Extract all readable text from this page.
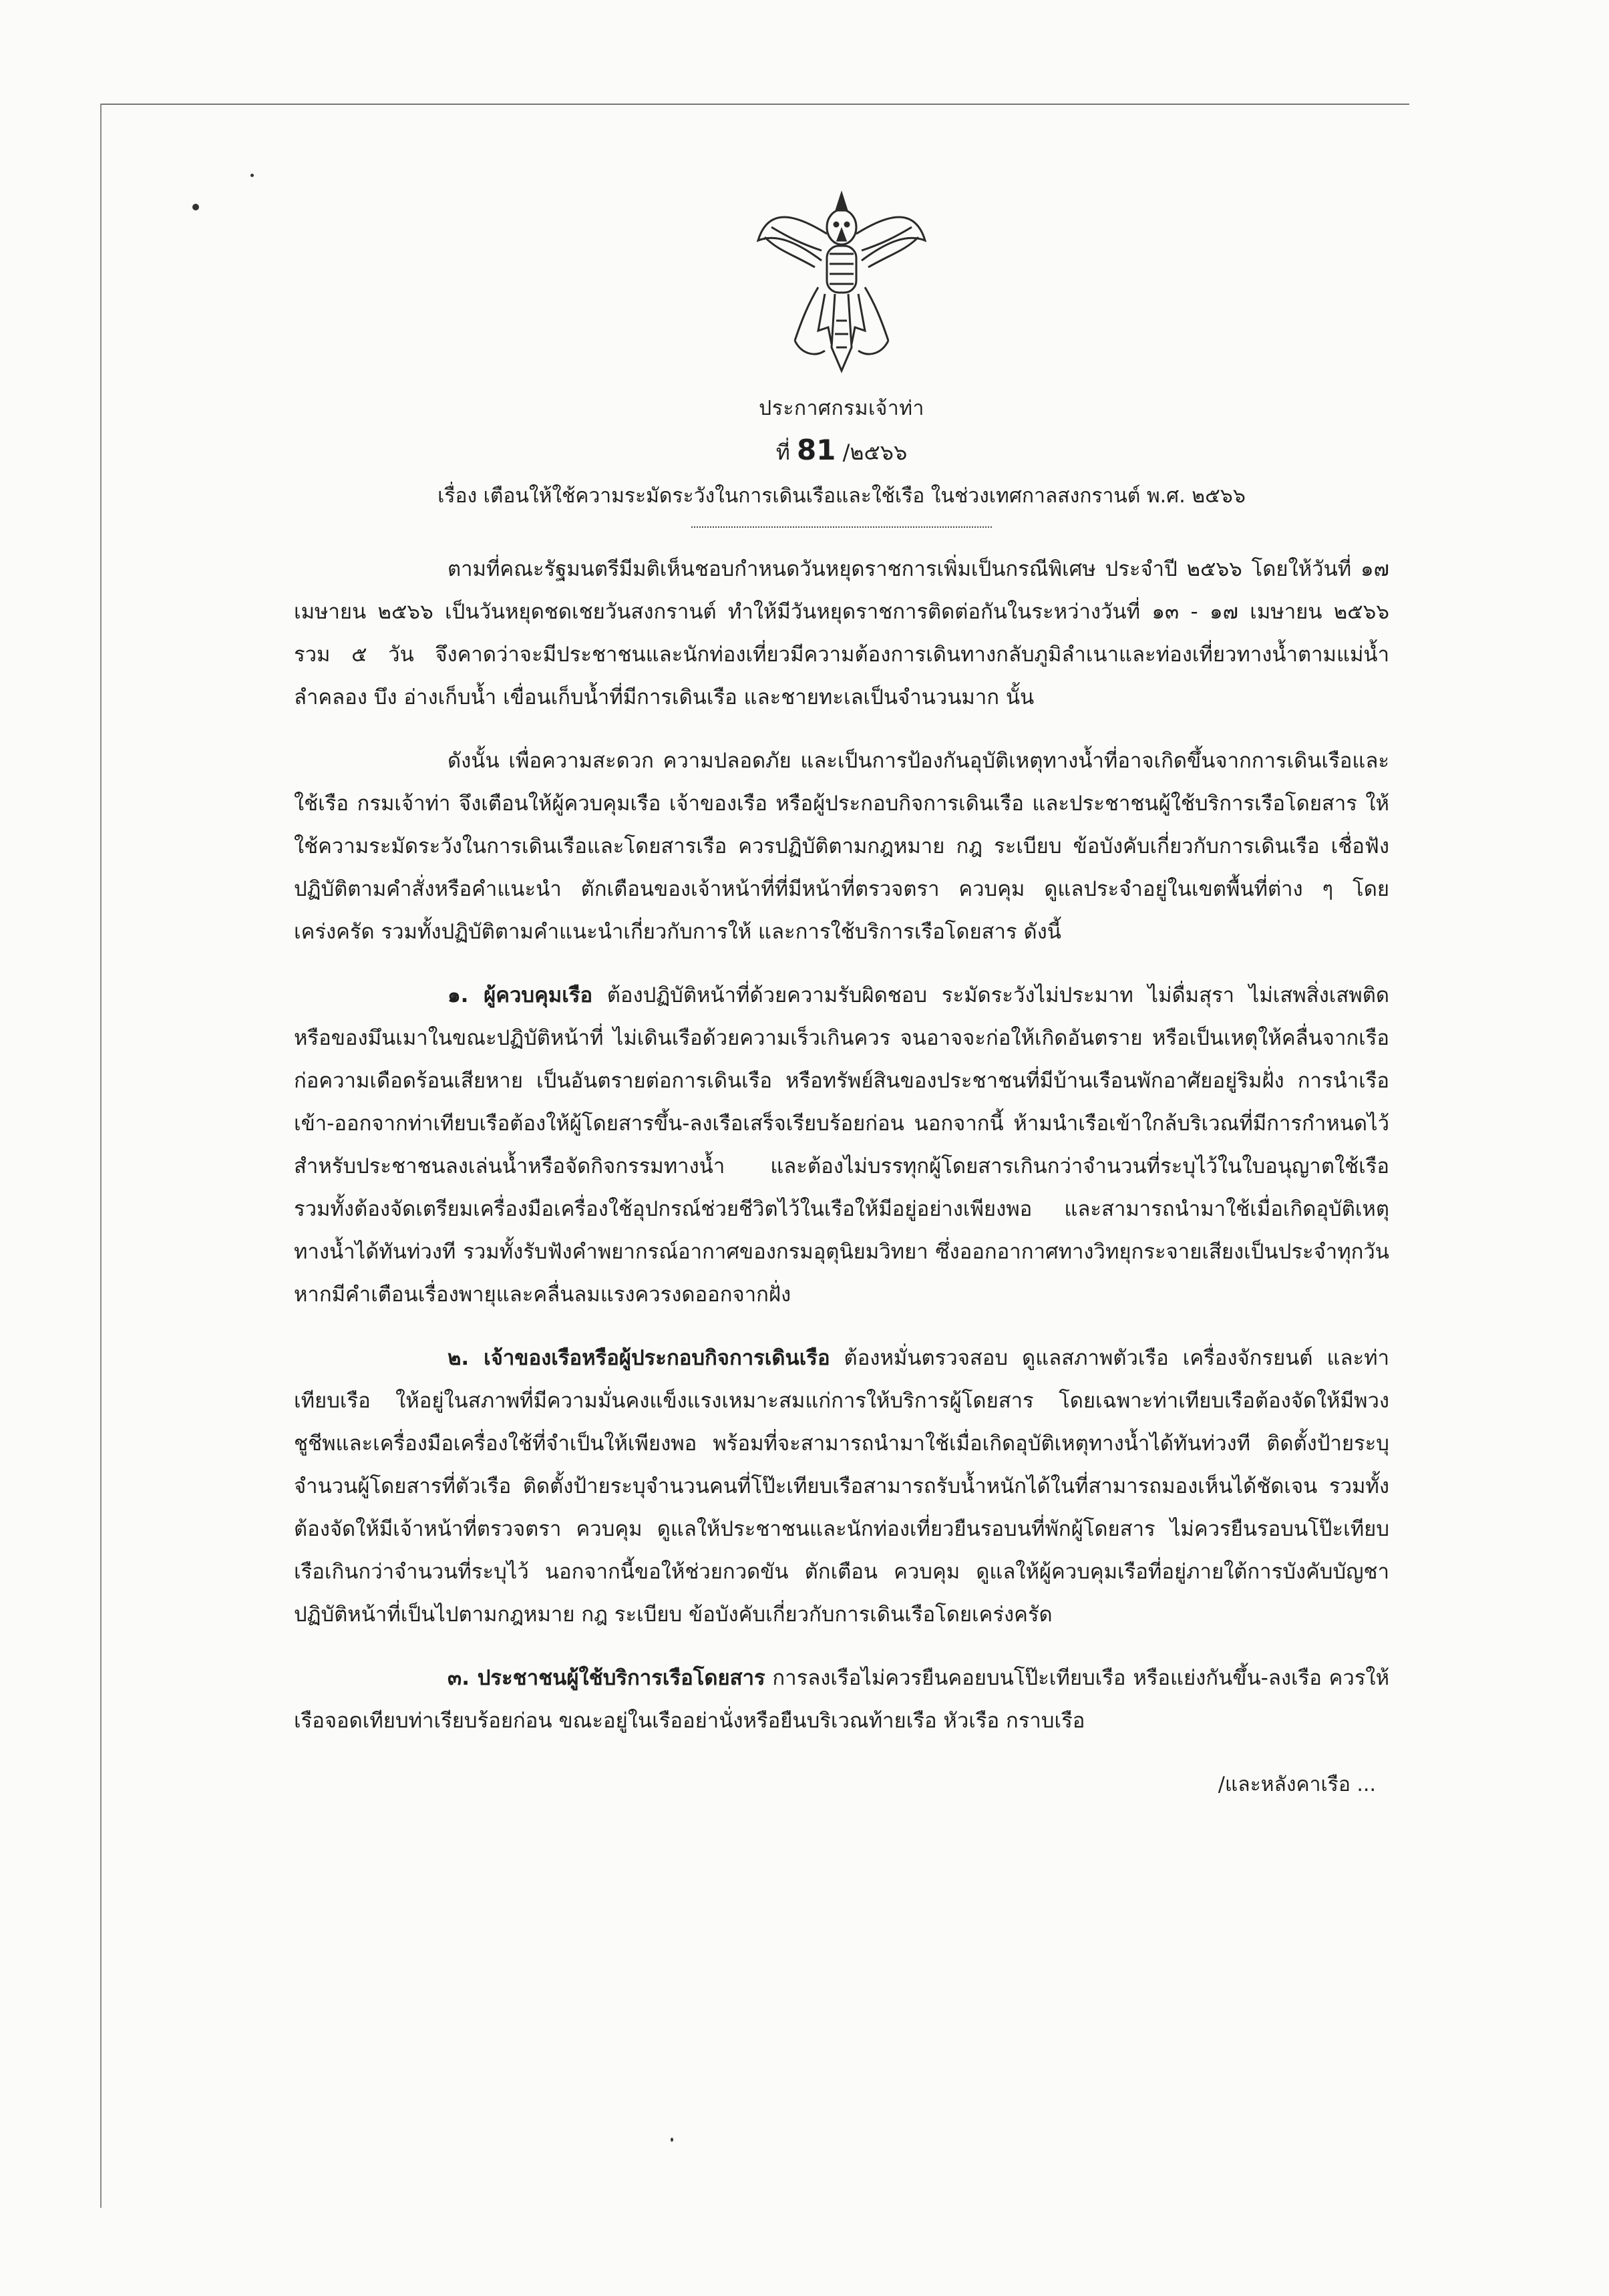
ประกาศกรมเจ้าท่า
ที่ 81 /๒๕๖๖
เรื่อง เตือนให้ใช้ความระมัดระวังในการเดินเรือและใช้เรือ ในช่วงเทศกาลสงกรานต์ พ.ศ. ๒๕๖๖

ตามที่คณะรัฐมนตรีมีมติเห็นชอบกำหนดวันหยุดราชการเพิ่มเป็นกรณีพิเศษ ประจำปี ๒๕๖๖ โดยให้วันที่ ๑๗ เมษายน ๒๕๖๖ เป็นวันหยุดชดเชยวันสงกรานต์ ทำให้มีวันหยุดราชการติดต่อกันในระหว่างวันที่ ๑๓ - ๑๗ เมษายน ๒๕๖๖ รวม ๕ วัน จึงคาดว่าจะมีประชาชนและนักท่องเที่ยวมีความต้องการเดินทางกลับภูมิลำเนาและท่องเที่ยวทางน้ำตามแม่น้ำ ลำคลอง บึง อ่างเก็บน้ำ เขื่อนเก็บน้ำที่มีการเดินเรือ และชายทะเลเป็นจำนวนมาก นั้น

ดังนั้น เพื่อความสะดวก ความปลอดภัย และเป็นการป้องกันอุบัติเหตุทางน้ำที่อาจเกิดขึ้นจากการเดินเรือและใช้เรือ กรมเจ้าท่า จึงเตือนให้ผู้ควบคุมเรือ เจ้าของเรือ หรือผู้ประกอบกิจการเดินเรือ และประชาชนผู้ใช้บริการเรือโดยสาร ให้ใช้ความระมัดระวังในการเดินเรือและโดยสารเรือ ควรปฏิบัติตามกฎหมาย กฎ ระเบียบ ข้อบังคับเกี่ยวกับการเดินเรือ เชื่อฟัง ปฏิบัติตามคำสั่งหรือคำแนะนำ ตักเตือนของเจ้าหน้าที่ที่มีหน้าที่ตรวจตรา ควบคุม ดูแลประจำอยู่ในเขตพื้นที่ต่าง ๆ โดยเคร่งครัด รวมทั้งปฏิบัติตามคำแนะนำเกี่ยวกับการให้ และการใช้บริการเรือโดยสาร ดังนี้

๑. ผู้ควบคุมเรือ ต้องปฏิบัติหน้าที่ด้วยความรับผิดชอบ ระมัดระวังไม่ประมาท ไม่ดื่มสุรา ไม่เสพสิ่งเสพติด หรือของมึนเมาในขณะปฏิบัติหน้าที่ ไม่เดินเรือด้วยความเร็วเกินควร จนอาจจะก่อให้เกิดอันตราย หรือเป็นเหตุให้คลื่นจากเรือก่อความเดือดร้อนเสียหาย เป็นอันตรายต่อการเดินเรือ หรือทรัพย์สินของประชาชนที่มีบ้านเรือนพักอาศัยอยู่ริมฝั่ง การนำเรือเข้า-ออกจากท่าเทียบเรือต้องให้ผู้โดยสารขึ้น-ลงเรือเสร็จเรียบร้อยก่อน นอกจากนี้ ห้ามนำเรือเข้าใกล้บริเวณที่มีการกำหนดไว้สำหรับประชาชนลงเล่นน้ำหรือจัดกิจกรรมทางน้ำ และต้องไม่บรรทุกผู้โดยสารเกินกว่าจำนวนที่ระบุไว้ในใบอนุญาตใช้เรือ รวมทั้งต้องจัดเตรียมเครื่องมือเครื่องใช้อุปกรณ์ช่วยชีวิตไว้ในเรือให้มีอยู่อย่างเพียงพอ และสามารถนำมาใช้เมื่อเกิดอุบัติเหตุทางน้ำได้ทันท่วงที รวมทั้งรับฟังคำพยากรณ์อากาศของกรมอุตุนิยมวิทยา ซึ่งออกอากาศทางวิทยุกระจายเสียงเป็นประจำทุกวัน หากมีคำเตือนเรื่องพายุและคลื่นลมแรงควรงดออกจากฝั่ง

๒. เจ้าของเรือหรือผู้ประกอบกิจการเดินเรือ ต้องหมั่นตรวจสอบ ดูแลสภาพตัวเรือ เครื่องจักรยนต์ และท่าเทียบเรือ ให้อยู่ในสภาพที่มีความมั่นคงแข็งแรงเหมาะสมแก่การให้บริการผู้โดยสาร โดยเฉพาะท่าเทียบเรือต้องจัดให้มีพวงชูชีพและเครื่องมือเครื่องใช้ที่จำเป็นให้เพียงพอ พร้อมที่จะสามารถนำมาใช้เมื่อเกิดอุบัติเหตุทางน้ำได้ทันท่วงที ติดตั้งป้ายระบุจำนวนผู้โดยสารที่ตัวเรือ ติดตั้งป้ายระบุจำนวนคนที่โป๊ะเทียบเรือสามารถรับน้ำหนักได้ในที่สามารถมองเห็นได้ชัดเจน รวมทั้งต้องจัดให้มีเจ้าหน้าที่ตรวจตรา ควบคุม ดูแลให้ประชาชนและนักท่องเที่ยวยืนรอบนที่พักผู้โดยสาร ไม่ควรยืนรอบนโป๊ะเทียบเรือเกินกว่าจำนวนที่ระบุไว้ นอกจากนี้ขอให้ช่วยกวดขัน ตักเตือน ควบคุม ดูแลให้ผู้ควบคุมเรือที่อยู่ภายใต้การบังคับบัญชาปฏิบัติหน้าที่เป็นไปตามกฎหมาย กฎ ระเบียบ ข้อบังคับเกี่ยวกับการเดินเรือโดยเคร่งครัด

๓. ประชาชนผู้ใช้บริการเรือโดยสาร การลงเรือไม่ควรยืนคอยบนโป๊ะเทียบเรือ หรือแย่งกันขึ้น-ลงเรือ ควรให้เรือจอดเทียบท่าเรียบร้อยก่อน ขณะอยู่ในเรืออย่านั่งหรือยืนบริเวณท้ายเรือ หัวเรือ กราบเรือ

/และหลังคาเรือ ...
